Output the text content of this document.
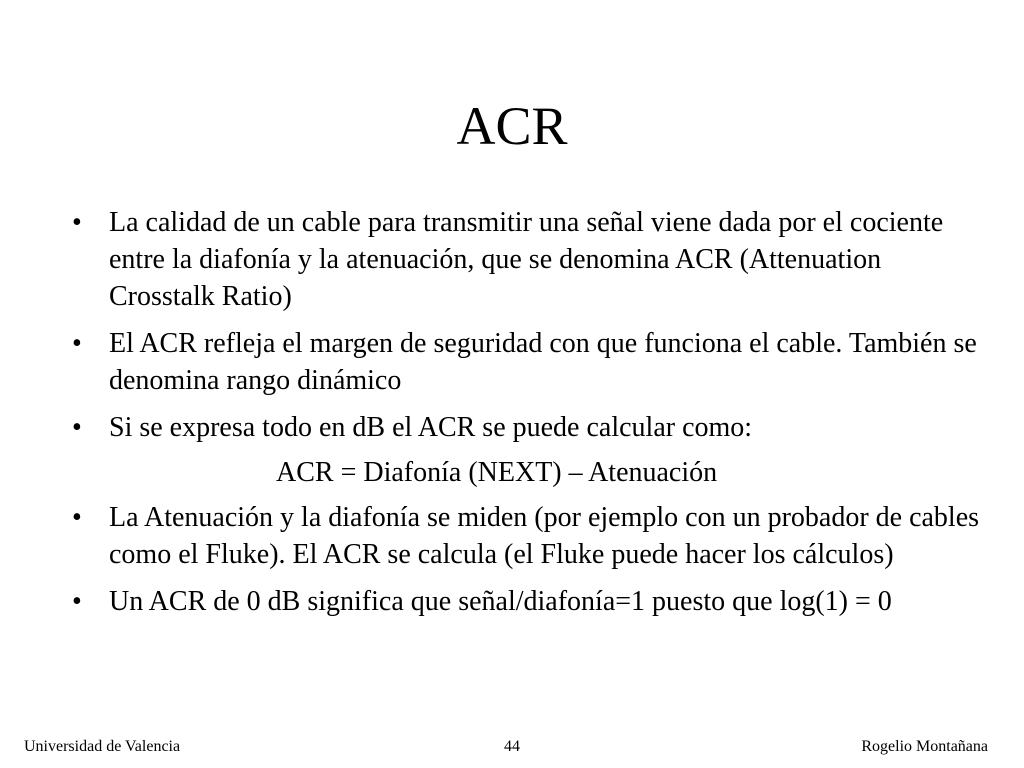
ACR
• La calidad de un cable para transmitir una señal viene dada por el cociente entre la diafonía y la atenuación, que se denomina ACR (Attenuation Crosstalk Ratio)
• El ACR refleja el margen de seguridad con que funciona el cable. También se denomina rango dinámico
• Si se expresa todo en dB el ACR se puede calcular como:
ACR = Diafonía (NEXT) – Atenuación
• La Atenuación y la diafonía se miden (por ejemplo con un probador de cables como el Fluke). El ACR se calcula (el Fluke puede hacer los cálculos)
• Un ACR de 0 dB significa que señal/diafonía=1 puesto que log(1) = 0
Universidad de Valencia	44	Rogelio Montañana
